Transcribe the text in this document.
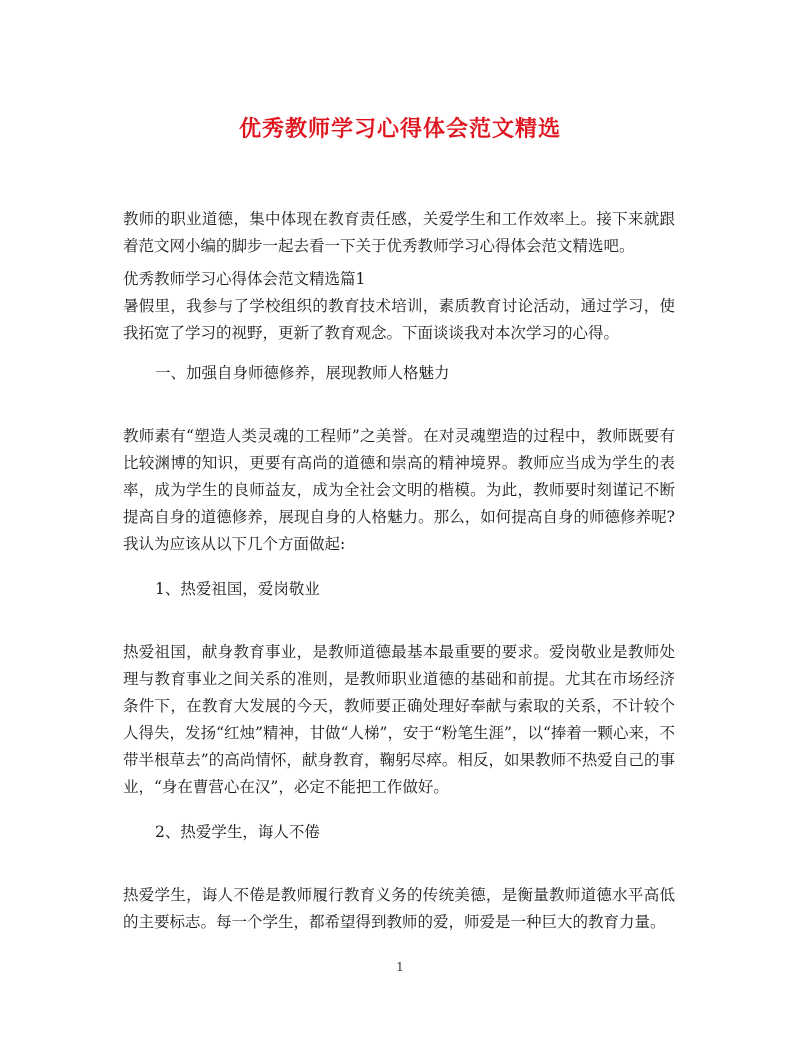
优秀教师学习心得体会范文精选

教师的职业道德，集中体现在教育责任感，关爱学生和工作效率上。接下来就跟着范文网小编的脚步一起去看一下关于优秀教师学习心得体会范文精选吧。

优秀教师学习心得体会范文精选篇1

暑假里，我参与了学校组织的教育技术培训，素质教育讨论活动，通过学习，使我拓宽了学习的视野，更新了教育观念。下面谈谈我对本次学习的心得。

一、加强自身师德修养，展现教师人格魅力

教师素有“塑造人类灵魂的工程师”之美誉。在对灵魂塑造的过程中，教师既要有比较渊博的知识，更要有高尚的道德和崇高的精神境界。教师应当成为学生的表率，成为学生的良师益友，成为全社会文明的楷模。为此，教师要时刻谨记不断提高自身的道德修养，展现自身的人格魅力。那么，如何提高自身的师德修养呢?我认为应该从以下几个方面做起:

1、热爱祖国，爱岗敬业

热爱祖国，献身教育事业，是教师道德最基本最重要的要求。爱岗敬业是教师处理与教育事业之间关系的准则，是教师职业道德的基础和前提。尤其在市场经济条件下，在教育大发展的今天，教师要正确处理好奉献与索取的关系，不计较个人得失，发扬“红烛”精神，甘做“人梯”，安于“粉笔生涯”，以“捧着一颗心来，不带半根草去”的高尚情怀，献身教育，鞠躬尽瘁。相反，如果教师不热爱自己的事业，“身在曹营心在汉”，必定不能把工作做好。

2、热爱学生，诲人不倦

热爱学生，诲人不倦是教师履行教育义务的传统美德，是衡量教师道德水平高低的主要标志。每一个学生，都希望得到教师的爱，师爱是一种巨大的教育力量。

1
